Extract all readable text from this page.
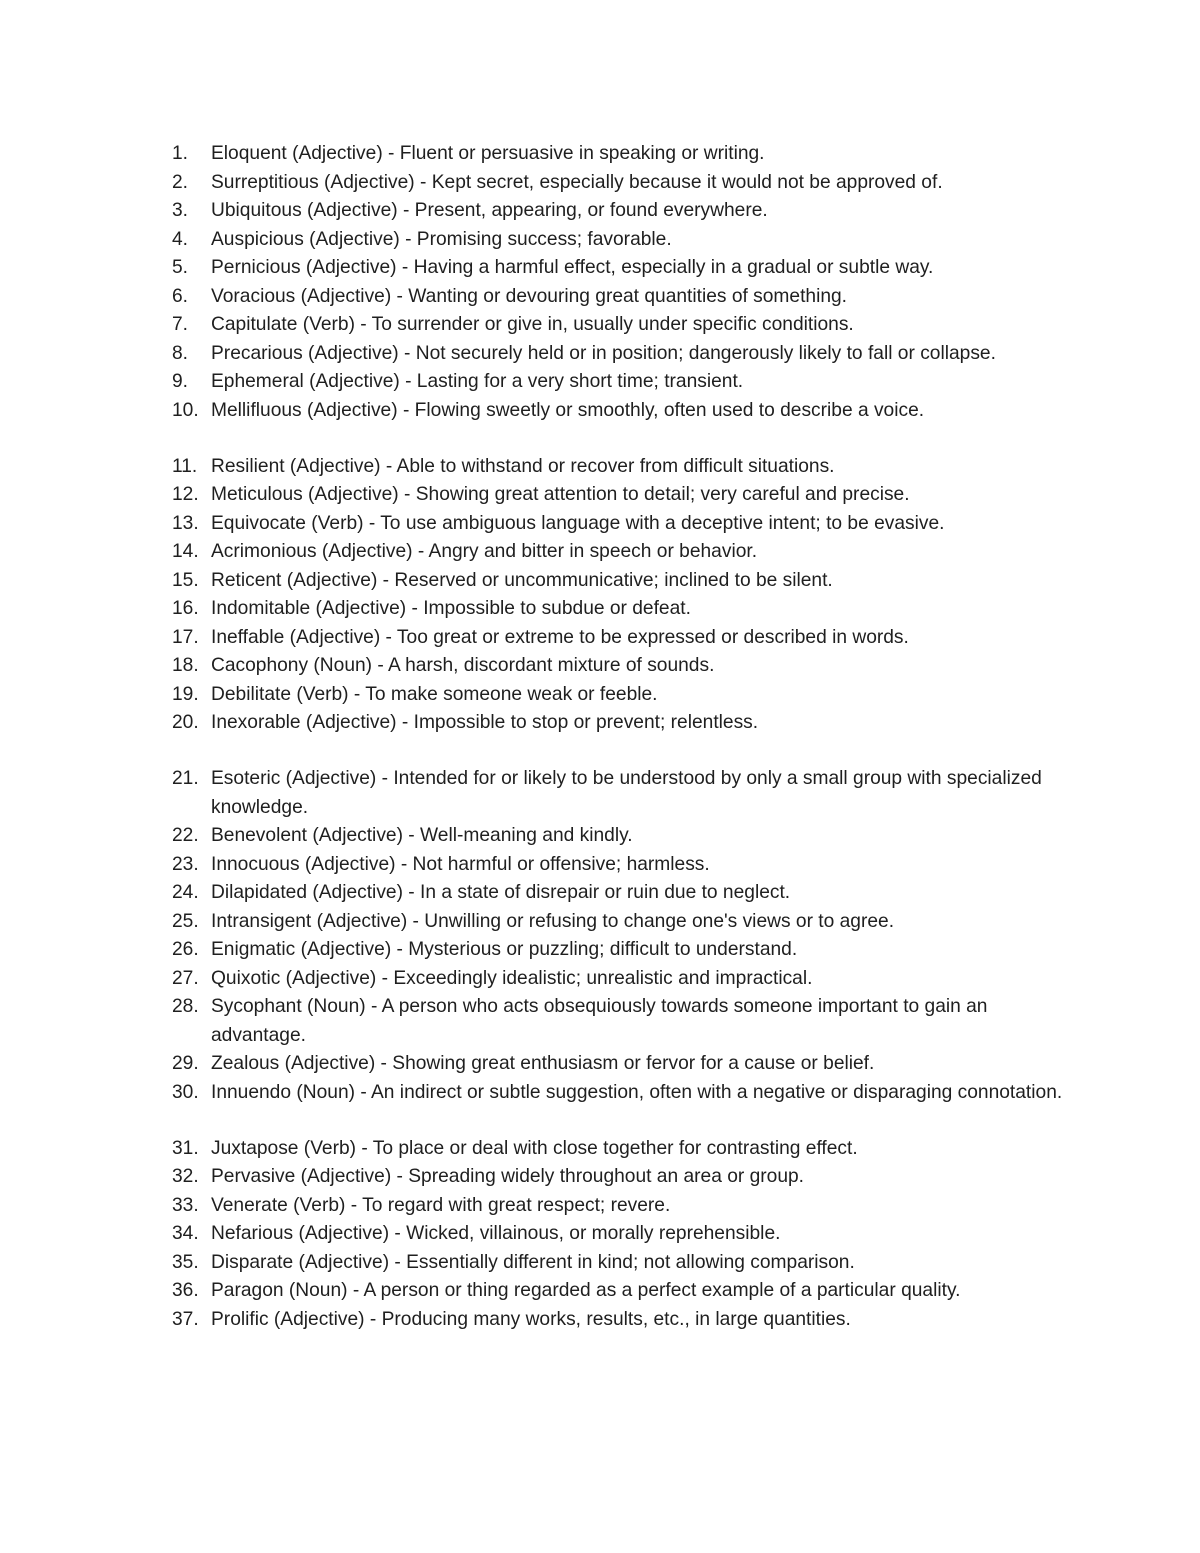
1.	Eloquent (Adjective) - Fluent or persuasive in speaking or writing.
2.	Surreptitious (Adjective) - Kept secret, especially because it would not be approved of.
3.	Ubiquitous (Adjective) - Present, appearing, or found everywhere.
4.	Auspicious (Adjective) - Promising success; favorable.
5.	Pernicious (Adjective) - Having a harmful effect, especially in a gradual or subtle way.
6.	Voracious (Adjective) - Wanting or devouring great quantities of something.
7.	Capitulate (Verb) - To surrender or give in, usually under specific conditions.
8.	Precarious (Adjective) - Not securely held or in position; dangerously likely to fall or collapse.
9.	Ephemeral (Adjective) - Lasting for a very short time; transient.
10. Mellifluous (Adjective) - Flowing sweetly or smoothly, often used to describe a voice.
11. Resilient (Adjective) - Able to withstand or recover from difficult situations.
12. Meticulous (Adjective) - Showing great attention to detail; very careful and precise.
13. Equivocate (Verb) - To use ambiguous language with a deceptive intent; to be evasive.
14. Acrimonious (Adjective) - Angry and bitter in speech or behavior.
15. Reticent (Adjective) - Reserved or uncommunicative; inclined to be silent.
16. Indomitable (Adjective) - Impossible to subdue or defeat.
17. Ineffable (Adjective) - Too great or extreme to be expressed or described in words.
18. Cacophony (Noun) - A harsh, discordant mixture of sounds.
19. Debilitate (Verb) - To make someone weak or feeble.
20. Inexorable (Adjective) - Impossible to stop or prevent; relentless.
21. Esoteric (Adjective) - Intended for or likely to be understood by only a small group with specialized knowledge.
22. Benevolent (Adjective) - Well-meaning and kindly.
23. Innocuous (Adjective) - Not harmful or offensive; harmless.
24. Dilapidated (Adjective) - In a state of disrepair or ruin due to neglect.
25. Intransigent (Adjective) - Unwilling or refusing to change one's views or to agree.
26. Enigmatic (Adjective) - Mysterious or puzzling; difficult to understand.
27. Quixotic (Adjective) - Exceedingly idealistic; unrealistic and impractical.
28. Sycophant (Noun) - A person who acts obsequiously towards someone important to gain an advantage.
29. Zealous (Adjective) - Showing great enthusiasm or fervor for a cause or belief.
30. Innuendo (Noun) - An indirect or subtle suggestion, often with a negative or disparaging connotation.
31. Juxtapose (Verb) - To place or deal with close together for contrasting effect.
32. Pervasive (Adjective) - Spreading widely throughout an area or group.
33. Venerate (Verb) - To regard with great respect; revere.
34. Nefarious (Adjective) - Wicked, villainous, or morally reprehensible.
35. Disparate (Adjective) - Essentially different in kind; not allowing comparison.
36. Paragon (Noun) - A person or thing regarded as a perfect example of a particular quality.
37. Prolific (Adjective) - Producing many works, results, etc., in large quantities.
